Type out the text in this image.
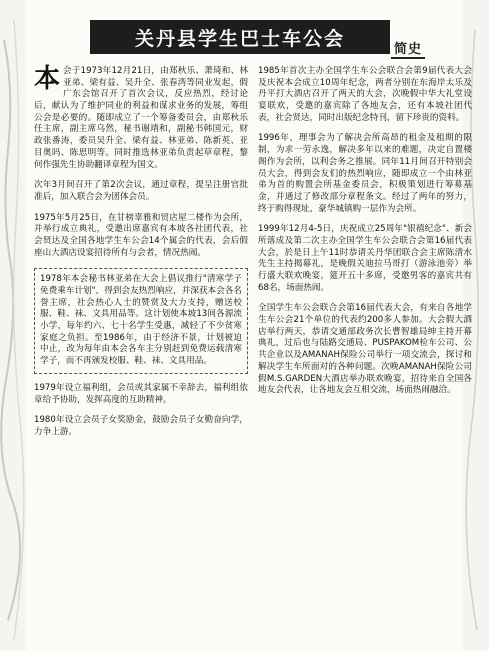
关丹县学生巴士车公会	简史

本会于1973年12月21日，由郑秋乐、萧琦和、林亚弟、梁有益、吴升全、张春湾等同业发起，假广东会馆召开了首次会议，反应热烈，经讨论后，献认为了维护同业的利益和谋求业务的发展，筹组公会是必要的。随即成立了一个筹备委员会，由郑秋乐任主席，副主席乌然，秘书谢靖和，副秘书韩国元，财政张番涛，委员吴升全、梁有益、林亚弟、陈新英、亚目奥吗、陈思明等。同时推选林亚弟负责起草章程，黎何作强先生协助翻译章程为国文。

次年3月间召开了第2次会议，通过章程，提呈注册官批准后，加入联合会为团体会员。

1975年5月25日，在甘榜辜雅和贸店屋二楼作为会所，并举行成立典礼，受邀出席嘉宾有本坡各社团代表，社会贤达及全国各地学生车公会14个属会的代表，会后假座山大酒店设宴招待所有与会者，情况热闹。

1978年本会秘书林亚弟在大会上倡议推行"清寒学子免费乘车计划"，得到会友热烈响应，并深获本会各名誉主席，社会热心人士的赞赏及大力支持，赠送校服、鞋、袜、文具用品等。这计划使本坡13间各源流小学，每年约六、七十名学生受惠，减轻了不少贫寒家庭之负担。至1986年，由于经济不景，计划被迫中止，改为每年由本会各车主分别赶到免费运载清寒学子，而不再颁发校服、鞋、袜、文具用品。

1979年设立福利组，会员或其家属不幸辞去，福利组依章给予协助，发挥高度的互助精神。

1980年设立会员子女奖励金，鼓励会员子女勤奋向学，力争上游。

1985年首次主办全国学生车公会联合会第9届代表大会及庆祝本会成立10周年纪念，两者分别在东海岸太乐及丹平打大酒店召开了两天的大会，次晚假中华大礼堂设宴联欢，受邀的嘉宾除了各地友会，还有本坡社团代表，社会贤达，同时出版纪念特刊，留下珍贵的资料。

1996年，理事会为了解决会所高昂的租金及租期的限制，为求一劳永逸，解决多年以来的难题，决定自置楼阁作为会所，以利会务之推展。同年11月间召开特别会员大会，得到会友们的热烈响应，随即成立一个由林亚弟为首的购置会所基金委员会，积极策划进行筹募基金，并通过了修改部分章程条文。经过了两年的努力，终于购得现址，豪华城镇购一层作为会所。

1999年12月4-5日，庆祝成立25周年"银禧纪念"、新会所落成及第二次主办全国学生车公会联合会第16届代表大会，於是日上午11时恭请关丹华团联合会主席陈清水先生主持揭幕礼，是晚假关迪拉马哥打（游泳池旁）举行盛大联欢晚宴，筵开五十多席，受邀男客的嘉宾共有68名，场面热闹。

全国学生车公会联合会第16届代表大会，有来自各地学生车公会21个单位的代表约200多人参加。大会假大酒店举行两天，恭请交通部政务次长曹智雄局绅主持开幕典礼，过后也与陆路交通局、PUSPAKOM检车公司、公共企业以及AMANAH保险公司举行一项交流会，探讨和解决学生车所面对的各种问题。次晚AMANAH保险公司假M.S.GARDEN大酒店举办联欢晚宴，招待来自全国各地友会代表，让各地友会互相交流，场面热闹融洽。
